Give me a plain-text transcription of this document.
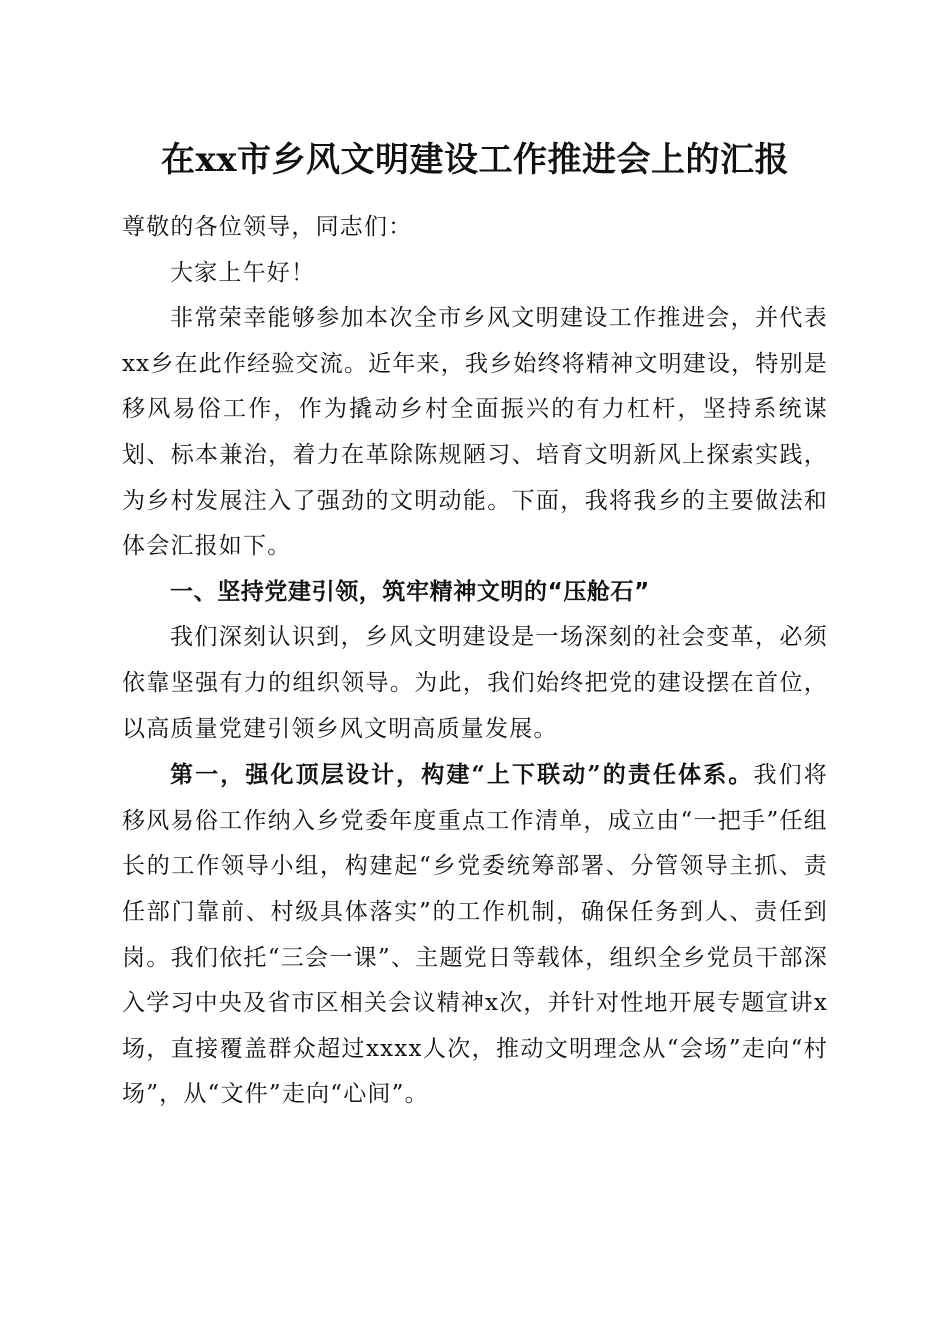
在xx市乡风文明建设工作推进会上的汇报

尊敬的各位领导，同志们：

大家上午好！

非常荣幸能够参加本次全市乡风文明建设工作推进会，并代表xx乡在此作经验交流。近年来，我乡始终将精神文明建设，特别是移风易俗工作，作为撬动乡村全面振兴的有力杠杆，坚持系统谋划、标本兼治，着力在革除陈规陋习、培育文明新风上探索实践，为乡村发展注入了强劲的文明动能。下面，我将我乡的主要做法和体会汇报如下。

一、坚持党建引领，筑牢精神文明的“压舱石”

我们深刻认识到，乡风文明建设是一场深刻的社会变革，必须依靠坚强有力的组织领导。为此，我们始终把党的建设摆在首位，以高质量党建引领乡风文明高质量发展。

第一，强化顶层设计，构建“上下联动”的责任体系。我们将移风易俗工作纳入乡党委年度重点工作清单，成立由“一把手”任组长的工作领导小组，构建起“乡党委统筹部署、分管领导主抓、责任部门靠前、村级具体落实”的工作机制，确保任务到人、责任到岗。我们依托“三会一课”、主题党日等载体，组织全乡党员干部深入学习中央及省市区相关会议精神x次，并针对性地开展专题宣讲x场，直接覆盖群众超过xxxx人次，推动文明理念从“会场”走向“村场”，从“文件”走向“心间”。
